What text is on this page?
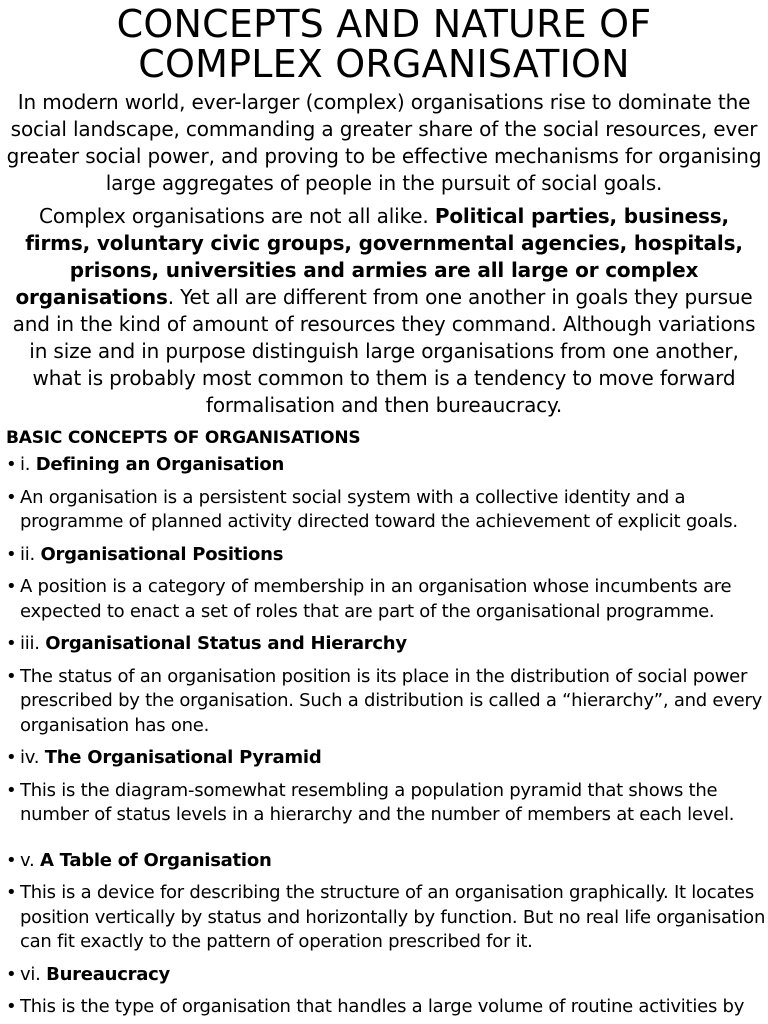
CONCEPTS AND NATURE OF
COMPLEX ORGANISATION

In modern world, ever-larger (complex) organisations rise to dominate the social landscape, commanding a greater share of the social resources, ever greater social power, and proving to be effective mechanisms for organising large aggregates of people in the pursuit of social goals.

Complex organisations are not all alike. Political parties, business, firms, voluntary civic groups, governmental agencies, hospitals, prisons, universities and armies are all large or complex organisations. Yet all are different from one another in goals they pursue and in the kind of amount of resources they command. Although variations in size and in purpose distinguish large organisations from one another, what is probably most common to them is a tendency to move forward formalisation and then bureaucracy.

BASIC CONCEPTS OF ORGANISATIONS
• i. Defining an Organisation
• An organisation is a persistent social system with a collective identity and a programme of planned activity directed toward the achievement of explicit goals.
• ii. Organisational Positions
• A position is a category of membership in an organisation whose incumbents are expected to enact a set of roles that are part of the organisational programme.
• iii. Organisational Status and Hierarchy
• The status of an organisation position is its place in the distribution of social power prescribed by the organisation. Such a distribution is called a “hierarchy”, and every organisation has one.
• iv. The Organisational Pyramid
• This is the diagram-somewhat resembling a population pyramid that shows the number of status levels in a hierarchy and the number of members at each level.
• v. A Table of Organisation
• This is a device for describing the structure of an organisation graphically. It locates position vertically by status and horizontally by function. But no real life organisation can fit exactly to the pattern of operation prescribed for it.
• vi. Bureaucracy
• This is the type of organisation that handles a large volume of routine activities by
